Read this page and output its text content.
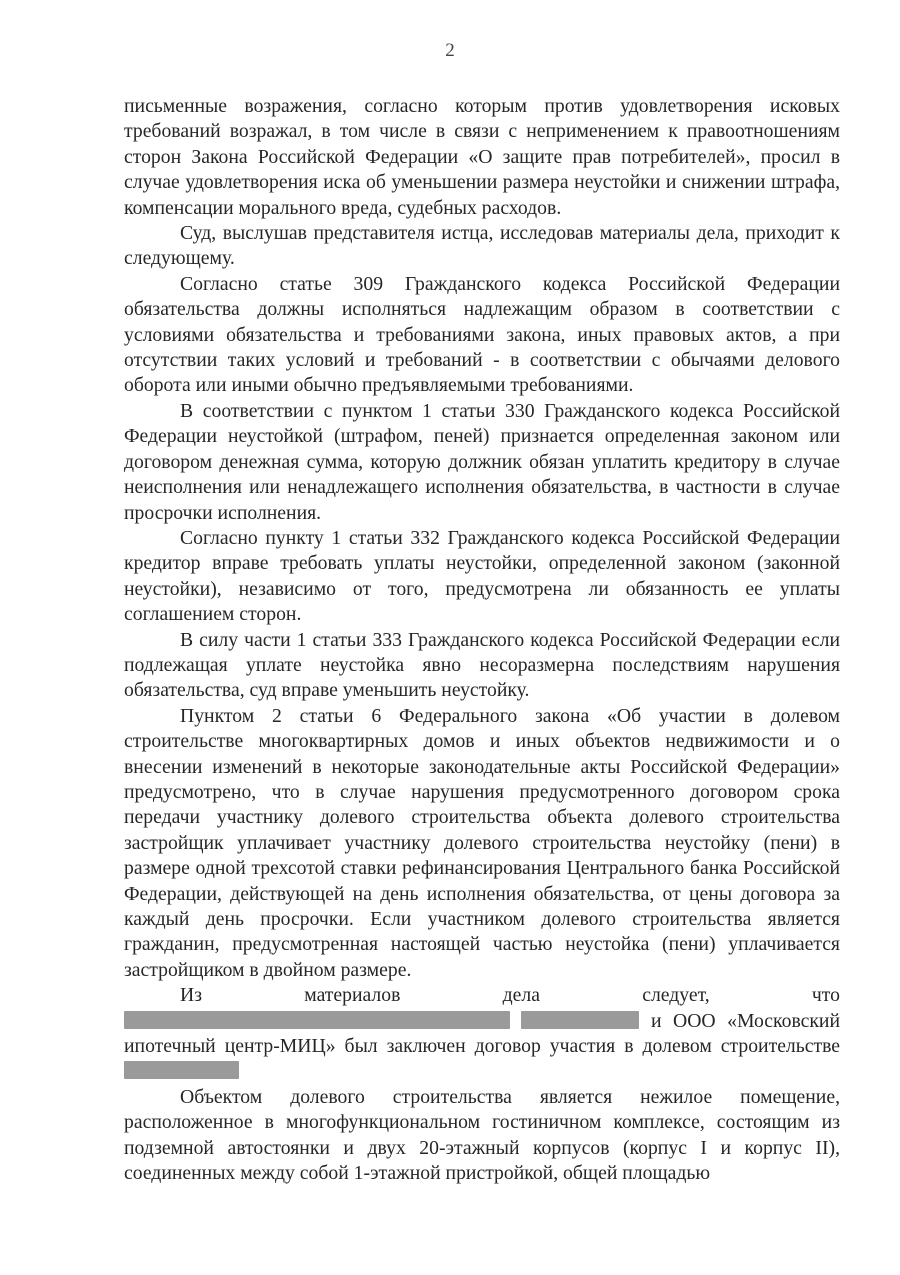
2

письменные возражения, согласно которым против удовлетворения исковых требований возражал, в том числе в связи с неприменением к правоотношениям сторон Закона Российской Федерации «О защите прав потребителей», просил в случае удовлетворения иска об уменьшении размера неустойки и снижении штрафа, компенсации морального вреда, судебных расходов.

Суд, выслушав представителя истца, исследовав материалы дела, приходит к следующему.

Согласно статье 309 Гражданского кодекса Российской Федерации обязательства должны исполняться надлежащим образом в соответствии с условиями обязательства и требованиями закона, иных правовых актов, а при отсутствии таких условий и требований - в соответствии с обычаями делового оборота или иными обычно предъявляемыми требованиями.

В соответствии с пунктом 1 статьи 330 Гражданского кодекса Российской Федерации неустойкой (штрафом, пеней) признается определенная законом или договором денежная сумма, которую должник обязан уплатить кредитору в случае неисполнения или ненадлежащего исполнения обязательства, в частности в случае просрочки исполнения.

Согласно пункту 1 статьи 332 Гражданского кодекса Российской Федерации кредитор вправе требовать уплаты неустойки, определенной законом (законной неустойки), независимо от того, предусмотрена ли обязанность ее уплаты соглашением сторон.

В силу части 1 статьи 333 Гражданского кодекса Российской Федерации если подлежащая уплате неустойка явно несоразмерна последствиям нарушения обязательства, суд вправе уменьшить неустойку.

Пунктом 2 статьи 6 Федерального закона «Об участии в долевом строительстве многоквартирных домов и иных объектов недвижимости и о внесении изменений в некоторые законодательные акты Российской Федерации» предусмотрено, что в случае нарушения предусмотренного договором срока передачи участнику долевого строительства объекта долевого строительства застройщик уплачивает участнику долевого строительства неустойку (пени) в размере одной трехсотой ставки рефинансирования Центрального банка Российской Федерации, действующей на день исполнения обязательства, от цены договора за каждый день просрочки. Если участником долевого строительства является гражданин, предусмотренная настоящей частью неустойка (пени) уплачивается застройщиком в двойном размере.

Из материалов дела следует, что   и ООО «Московский ипотечный центр-МИЦ» был заключен договор участия в долевом строительстве

Объектом долевого строительства является нежилое помещение, расположенное в многофункциональном гостиничном комплексе, состоящим из подземной автостоянки и двух 20-этажный корпусов (корпус I и корпус II), соединенных между собой 1-этажной пристройкой, общей площадью
